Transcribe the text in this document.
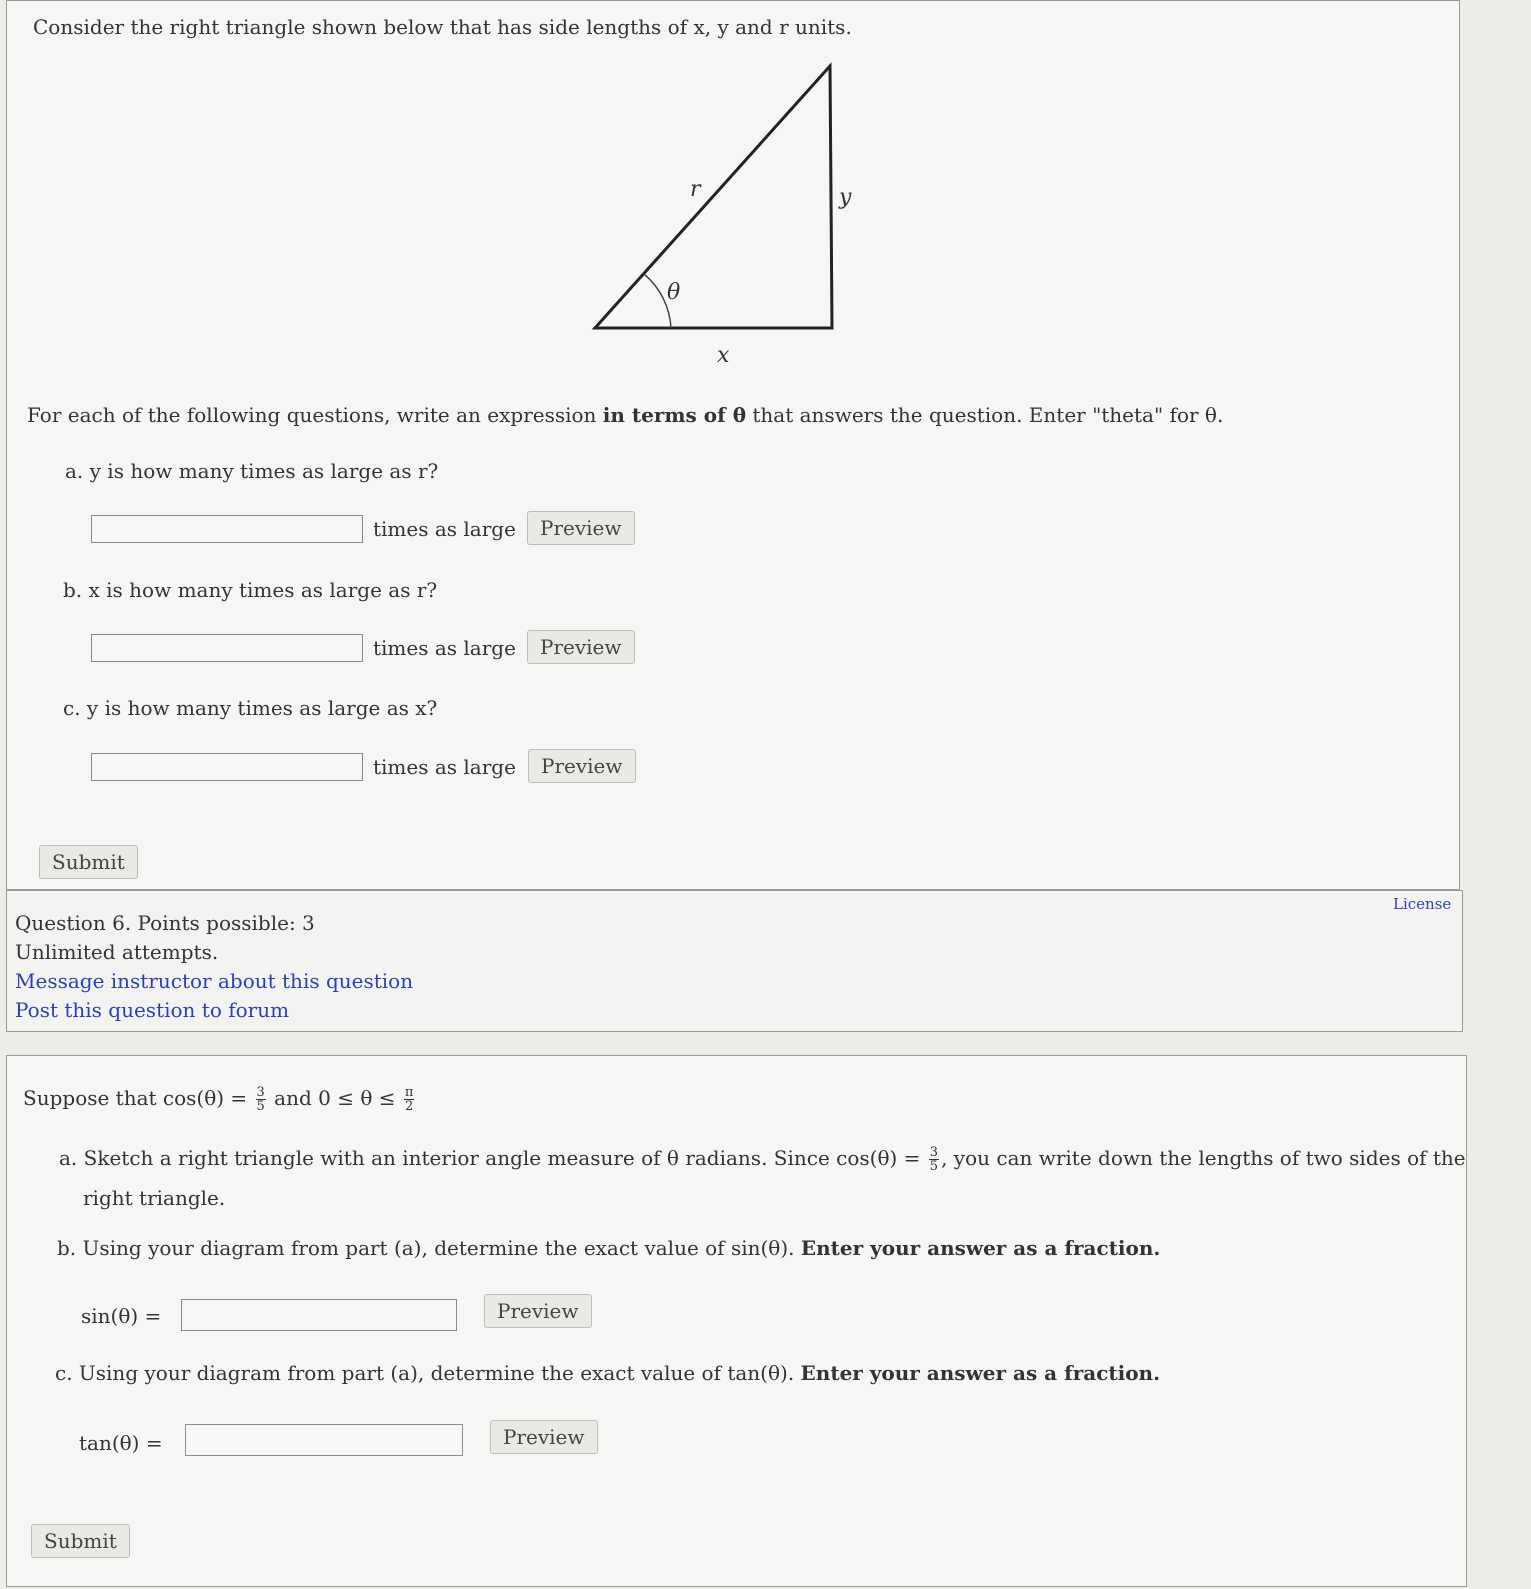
Consider the right triangle shown below that has side lengths of x, y and r units.
r	y
θ
x
For each of the following questions, write an expression in terms of θ that answers the question. Enter "theta" for θ.
a. y is how many times as large as r?
times as large	Preview
b. x is how many times as large as r?
times as large	Preview
c. y is how many times as large as x?
times as large	Preview
Submit
Question 6. Points possible: 3
Unlimited attempts.
Message instructor about this question
Post this question to forum
License
Suppose that $\cos(\theta) = \frac{3}{5}$ and $0 \le \theta \le \frac{\pi}{2}$
a. Sketch a right triangle with an interior angle measure of θ radians. Since $\cos(\theta) = \frac{3}{5}$ , you can write down the lengths of two sides of the
right triangle.
b. Using your diagram from part (a), determine the exact value of sin(θ). Enter your answer as a fraction.
sin(θ) =	Preview
c. Using your diagram from part (a), determine the exact value of tan(θ). Enter your answer as a fraction.
tan(θ) =	Preview
Submit
